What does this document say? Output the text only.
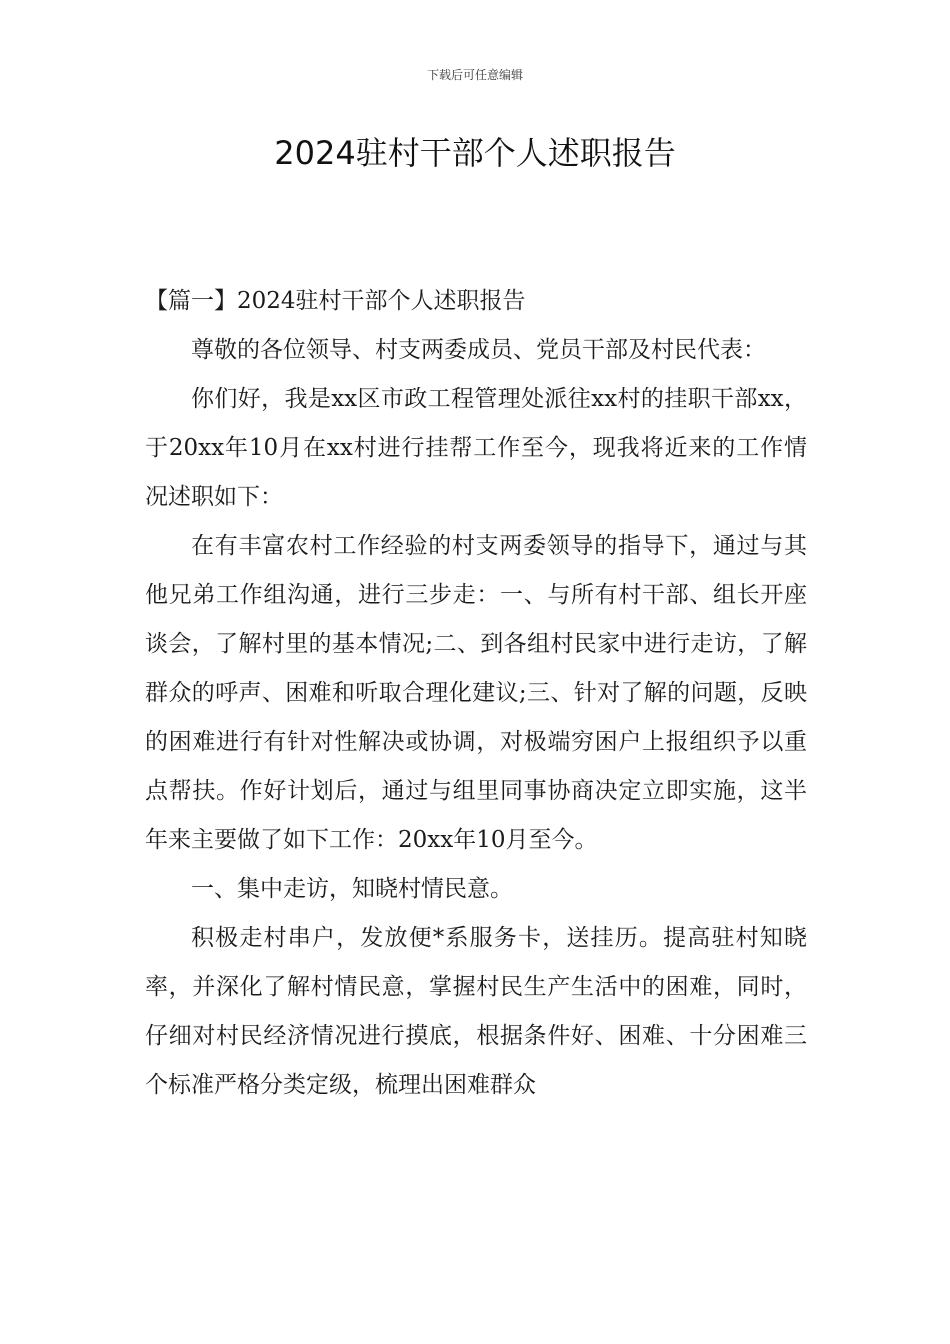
下载后可任意编辑
2024驻村干部个人述职报告

【篇一】2024驻村干部个人述职报告

尊敬的各位领导、村支两委成员、党员干部及村民代表：

你们好，我是xx区市政工程管理处派往xx村的挂职干部xx，于20xx年10月在xx村进行挂帮工作至今，现我将近来的工作情况述职如下：

在有丰富农村工作经验的村支两委领导的指导下，通过与其他兄弟工作组沟通，进行三步走：一、与所有村干部、组长开座谈会，了解村里的基本情况;二、到各组村民家中进行走访，了解群众的呼声、困难和听取合理化建议;三、针对了解的问题，反映的困难进行有针对性解决或协调，对极端穷困户上报组织予以重点帮扶。作好计划后，通过与组里同事协商决定立即实施，这半年来主要做了如下工作：20xx年10月至今。

一、集中走访，知晓村情民意。

积极走村串户，发放便*系服务卡，送挂历。提高驻村知晓率，并深化了解村情民意，掌握村民生产生活中的困难，同时，仔细对村民经济情况进行摸底，根据条件好、困难、十分困难三个标准严格分类定级，梳理出困难群众
